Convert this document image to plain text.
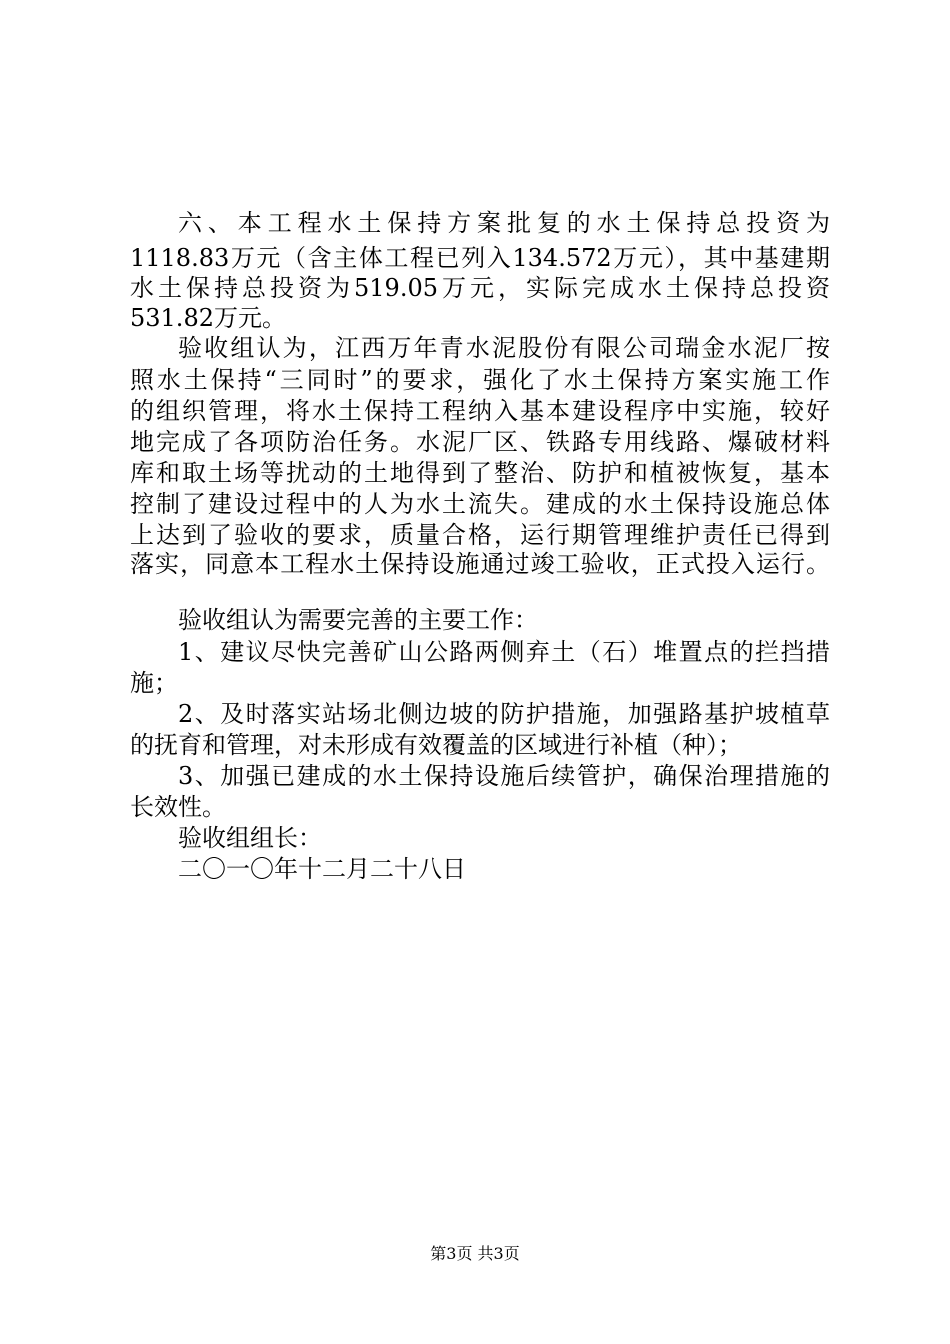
六、本工程水土保持方案批复的水土保持总投资为
1118.83万元（含主体工程已列入134.572万元），其中基建期
水土保持总投资为519.05万元，实际完成水土保持总投资
531.82万元。
验收组认为，江西万年青水泥股份有限公司瑞金水泥厂按
照水土保持“三同时”的要求，强化了水土保持方案实施工作
的组织管理，将水土保持工程纳入基本建设程序中实施，较好
地完成了各项防治任务。水泥厂区、铁路专用线路、爆破材料
库和取土场等扰动的土地得到了整治、防护和植被恢复，基本
控制了建设过程中的人为水土流失。建成的水土保持设施总体
上达到了验收的要求，质量合格，运行期管理维护责任已得到
落实，同意本工程水土保持设施通过竣工验收，正式投入运行。
验收组认为需要完善的主要工作：
1、建议尽快完善矿山公路两侧弃土（石）堆置点的拦挡措
施；
2、及时落实站场北侧边坡的防护措施，加强路基护坡植草
的抚育和管理，对未形成有效覆盖的区域进行补植（种）；
3、加强已建成的水土保持设施后续管护，确保治理措施的
长效性。
验收组组长：
二〇一〇年十二月二十八日
第3页 共3页
